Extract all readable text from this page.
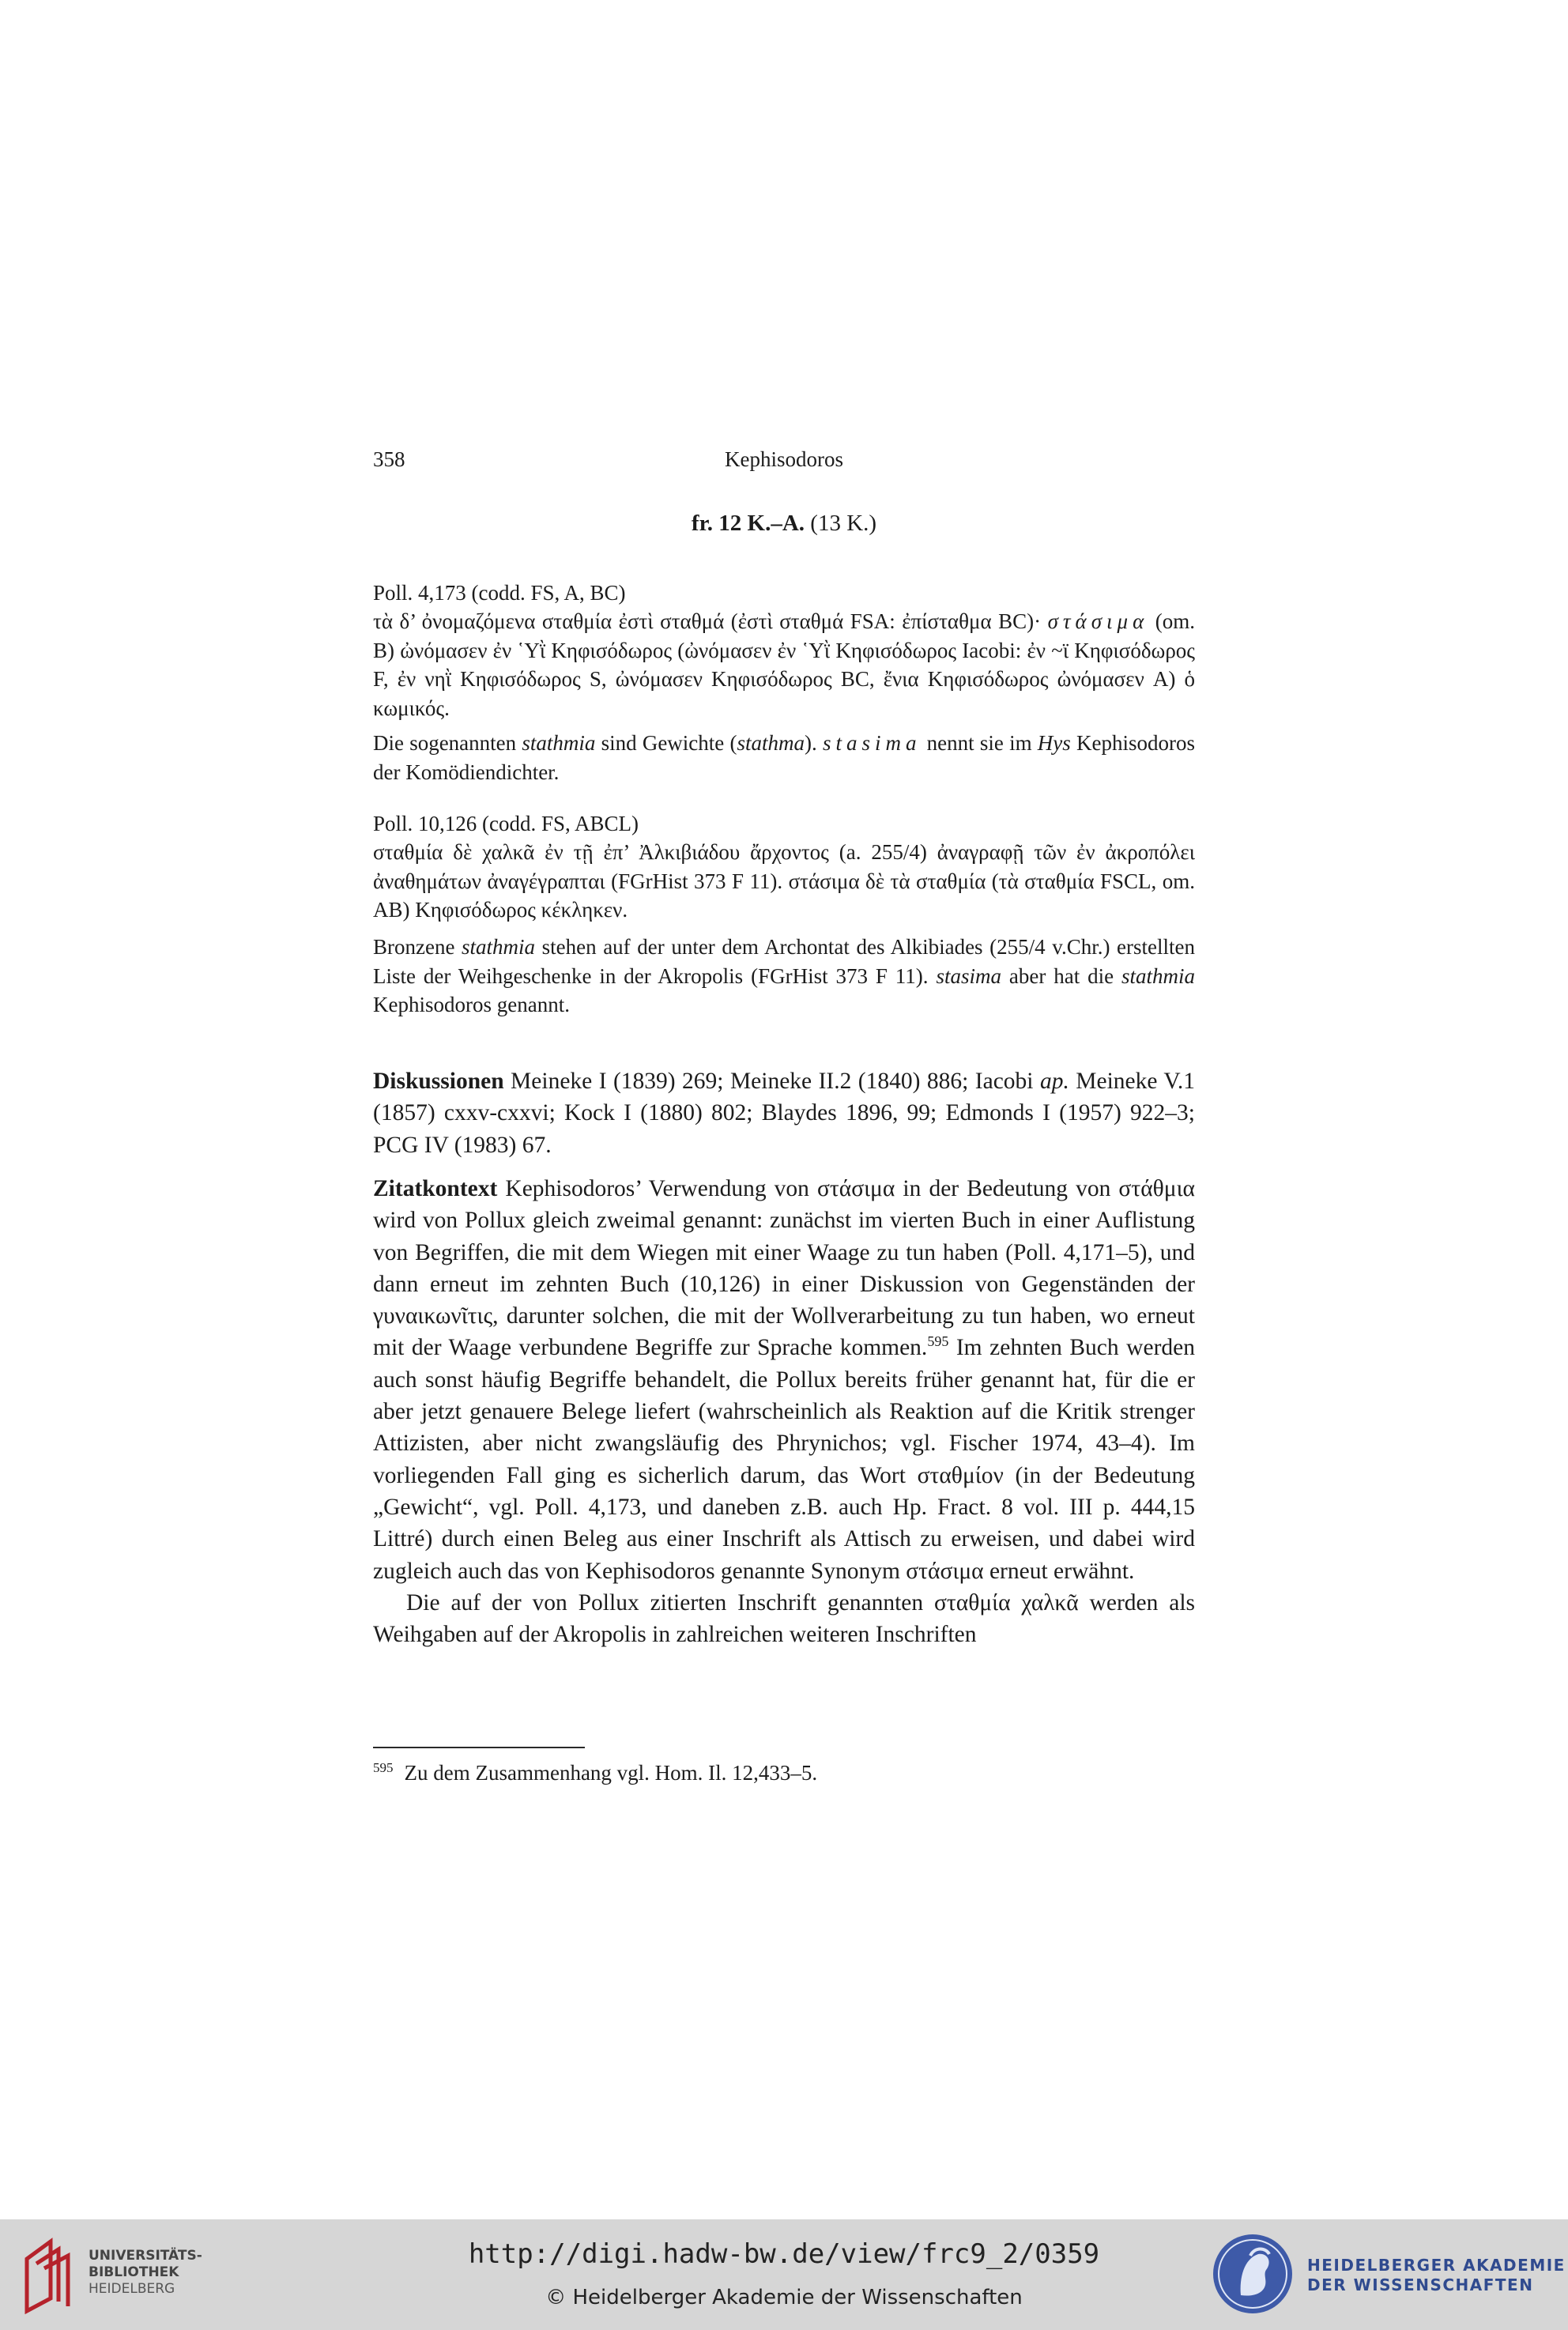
358	Kephisodoros
fr. 12 K.–A. (13 K.)
Poll. 4,173 (codd. FS, A, BC)
τὰ δ’ ὀνομαζόμενα σταθμία ἐστὶ σταθμά (ἐστὶ σταθμά FSA: ἐπίσταθμα BC)· στάσιμα (om. B) ὠνόμασεν ἐν ῾Υῒ Κηφισόδωρος (ὠνόμασεν ἐν ῾Υῒ Κηφισόδωρος Iacobi: ἐν ~ϊ Κηφισόδωρος F, ἐν νηῒ Κηφισόδωρος S, ὠνόμασεν Κηφισόδωρος BC, ἔνια Κηφισόδωρος ὠνόμασεν A) ὁ κωμικός.
Die sogenannten stathmia sind Gewichte (stathma). stasima nennt sie im Hys Kephisodoros der Komödiendichter.
Poll. 10,126 (codd. FS, ABCL)
σταθμία δὲ χαλκᾶ ἐν τῇ ἐπ’ Ἀλκιβιάδου ἄρχοντος (a. 255/4) ἀναγραφῇ τῶν ἐν ἀκροπόλει ἀναθημάτων ἀναγέγραπται (FGrHist 373 F 11). στάσιμα δὲ τὰ σταθμία (τὰ σταθμία FSCL, om. AB) Κηφισόδωρος κέκληκεν.
Bronzene stathmia stehen auf der unter dem Archontat des Alkibiades (255/4 v.Chr.) erstellten Liste der Weihgeschenke in der Akropolis (FGrHist 373 F 11). stasima aber hat die stathmia Kephisodoros genannt.

Diskussionen Meineke I (1839) 269; Meineke II.2 (1840) 886; Iacobi ap. Meineke V.1 (1857) cxxv-cxxvi; Kock I (1880) 802; Blaydes 1896, 99; Edmonds I (1957) 922–3; PCG IV (1983) 67.

Zitatkontext Kephisodoros’ Verwendung von στάσιμα in der Bedeutung von στάθμια wird von Pollux gleich zweimal genannt: zunächst im vierten Buch in einer Auflistung von Begriffen, die mit dem Wiegen mit einer Waage zu tun haben (Poll. 4,171–5), und dann erneut im zehnten Buch (10,126) in einer Diskussion von Gegenständen der γυναικωνῖτις, darunter solchen, die mit der Wollverarbeitung zu tun haben, wo erneut mit der Waage verbundene Begriffe zur Sprache kommen.$^{595}$ Im zehnten Buch werden auch sonst häufig Begriffe behandelt, die Pollux bereits früher genannt hat, für die er aber jetzt genauere Belege liefert (wahrscheinlich als Reaktion auf die Kritik strenger Attizisten, aber nicht zwangsläufig des Phrynichos; vgl. Fischer 1974, 43–4). Im vorliegenden Fall ging es sicherlich darum, das Wort σταθμίον (in der Bedeutung „Gewicht“, vgl. Poll. 4,173, und daneben z.B. auch Hp. Fract. 8 vol. III p. 444,15 Littré) durch einen Beleg aus einer Inschrift als Attisch zu erweisen, und dabei wird zugleich auch das von Kephisodoros genannte Synonym στάσιμα erneut erwähnt.

Die auf der von Pollux zitierten Inschrift genannten σταθμία χαλκᾶ werden als Weihgaben auf der Akropolis in zahlreichen weiteren Inschriften

$^{595}$ Zu dem Zusammenhang vgl. Hom. Il. 12,433–5.
UNIVERSITÄTS-
BIBLIOTHEK
HEIDELBERG
http://digi.hadw-bw.de/view/frc9_2/0359
© Heidelberger Akademie der Wissenschaften
HEIDELBERGER AKADEMIE
DER WISSENSCHAFTEN
